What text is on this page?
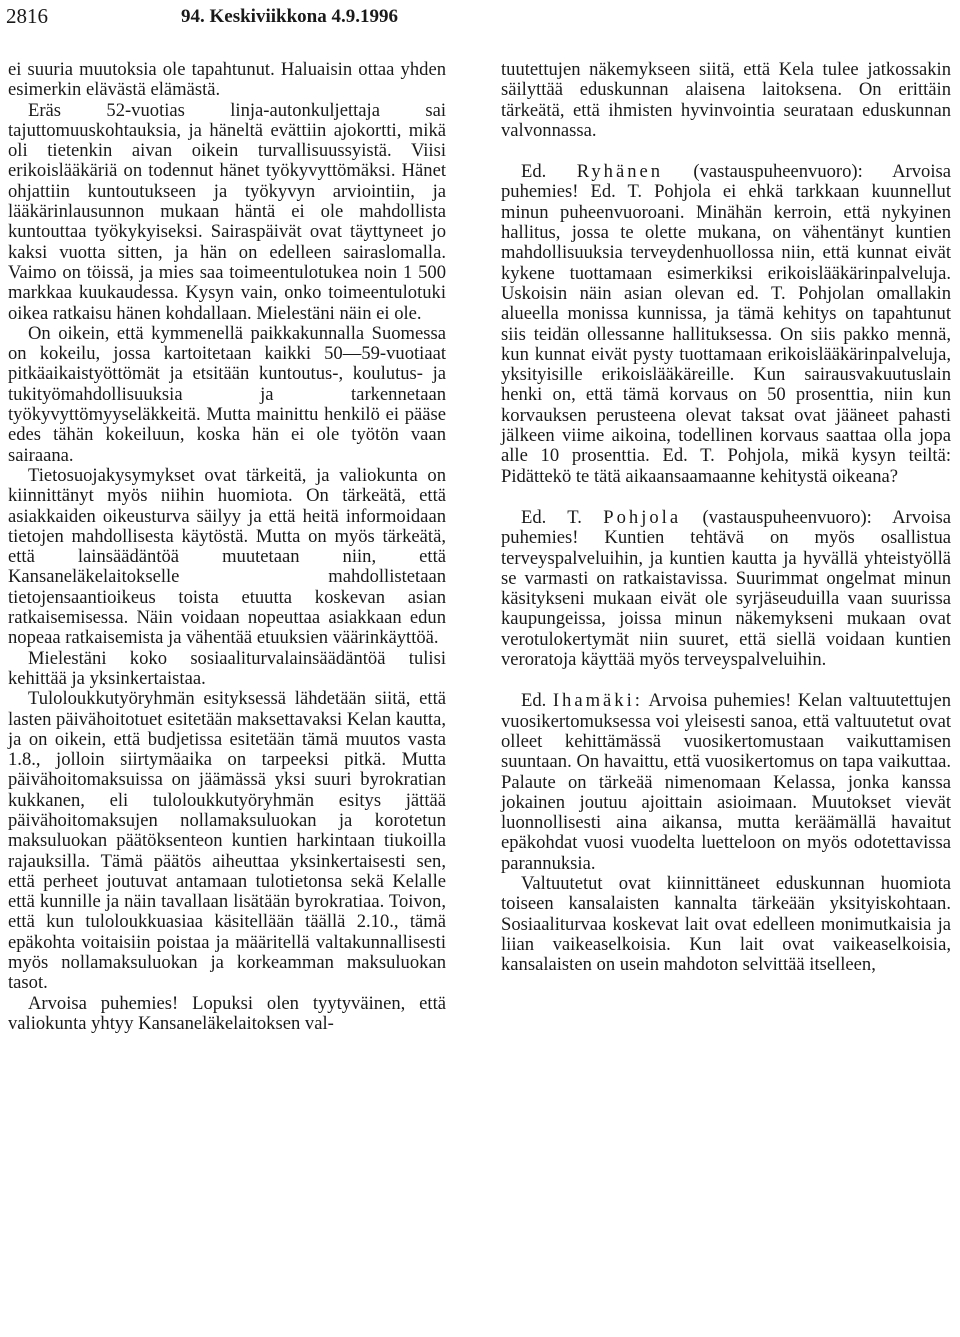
2816	94. Keskiviikkona 4.9.1996

ei suuria muutoksia ole tapahtunut. Haluaisin ottaa yhden esimerkin elävästä elämästä.

Eräs 52-vuotias linja-autonkuljettaja sai tajuttomuuskohtauksia, ja häneltä evättiin ajokortti, mikä oli tietenkin aivan oikein turvallisuussyistä. Viisi erikoislääkäriä on todennut hänet työkyvyttömäksi. Hänet ohjattiin kuntoutukseen ja työkyvyn arviointiin, ja lääkärinlausunnon mukaan häntä ei ole mahdollista kuntouttaa työkykyiseksi. Sairaspäivät ovat täyttyneet jo kaksi vuotta sitten, ja hän on edelleen sairaslomalla. Vaimo on töissä, ja mies saa toimeentulotukea noin 1 500 markkaa kuukaudessa. Kysyn vain, onko toimeentulotuki oikea ratkaisu hänen kohdallaan. Mielestäni näin ei ole.

On oikein, että kymmenellä paikkakunnalla Suomessa on kokeilu, jossa kartoitetaan kaikki 50—59-vuotiaat pitkäaikaistyöttömät ja etsitään kuntoutus-, koulutus- ja tukityömahdollisuuksia ja tarkennetaan työkyvyttömyyseläkkeitä. Mutta mainittu henkilö ei pääse edes tähän kokeiluun, koska hän ei ole työtön vaan sairaana.

Tietosuojakysymykset ovat tärkeitä, ja valiokunta on kiinnittänyt myös niihin huomiota. On tärkeätä, että asiakkaiden oikeusturva säilyy ja että heitä informoidaan tietojen mahdollisesta käytöstä. Mutta on myös tärkeätä, että lainsäädäntöä muutetaan niin, että Kansaneläkelaitokselle mahdollistetaan tietojensaantioikeus toista etuutta koskevan asian ratkaisemisessa. Näin voidaan nopeuttaa asiakkaan edun nopeaa ratkaisemista ja vähentää etuuksien väärinkäyttöä.

Mielestäni koko sosiaaliturvalainsäädäntöä tulisi kehittää ja yksinkertaistaa.

Tuloloukkutyöryhmän esityksessä lähdetään siitä, että lasten päivähoitotuet esitetään maksettavaksi Kelan kautta, ja on oikein, että budjetissa esitetään tämä muutos vasta 1.8., jolloin siirtymäaika on tarpeeksi pitkä. Mutta päivähoitomaksuissa on jäämässä yksi suuri byrokratian kukkanen, eli tuloloukkutyöryhmän esitys jättää päivähoitomaksujen nollamaksuluokan ja korotetun maksuluokan päätöksenteon kuntien harkintaan tiukoilla rajauksilla. Tämä päätös aiheuttaa yksinkertaisesti sen, että perheet joutuvat antamaan tulotietonsa sekä Kelalle että kunnille ja näin tavallaan lisätään byrokratiaa. Toivon, että kun tuloloukkuasiaa käsitellään täällä 2.10., tämä epäkohta voitaisiin poistaa ja määritellä valtakunnallisesti myös nollamaksuluokan ja korkeamman maksuluokan tasot.

Arvoisa puhemies! Lopuksi olen tyytyväinen, että valiokunta yhtyy Kansaneläkelaitoksen val-

tuutettujen näkemykseen siitä, että Kela tulee jatkossakin säilyttää eduskunnan alaisena laitoksena. On erittäin tärkeätä, että ihmisten hyvinvointia seurataan eduskunnan valvonnassa.

Ed. Ryhänen (vastauspuheenvuoro): Arvoisa puhemies! Ed. T. Pohjola ei ehkä tarkkaan kuunnellut minun puheenvuoroani. Minähän kerroin, että nykyinen hallitus, jossa te olette mukana, on vähentänyt kuntien mahdollisuuksia terveydenhuollossa niin, että kunnat eivät kykene tuottamaan esimerkiksi erikoislääkärinpalveluja. Uskoisin näin asian olevan ed. T. Pohjolan omallakin alueella monissa kunnissa, ja tämä kehitys on tapahtunut siis teidän ollessanne hallituksessa. On siis pakko mennä, kun kunnat eivät pysty tuottamaan erikoislääkärinpalveluja, yksityisille erikoislääkäreille. Kun sairausvakuutuslain henki on, että tämä korvaus on 50 prosenttia, niin kun korvauksen perusteena olevat taksat ovat jääneet pahasti jälkeen viime aikoina, todellinen korvaus saattaa olla jopa alle 10 prosenttia. Ed. T. Pohjola, mikä kysyn teiltä: Pidättekö te tätä aikaansaamaanne kehitystä oikeana?

Ed. T. Pohjola (vastauspuheenvuoro): Arvoisa puhemies! Kuntien tehtävä on myös osallistua terveyspalveluihin, ja kuntien kautta ja hyvällä yhteistyöllä se varmasti on ratkaistavissa. Suurimmat ongelmat minun käsitykseni mukaan eivät ole syrjäseuduilla vaan suurissa kaupungeissa, joissa minun näkemykseni mukaan ovat verotulokertymät niin suuret, että siellä voidaan kuntien veroratoja käyttää myös terveyspalveluihin.

Ed. Ihamäki: Arvoisa puhemies! Kelan valtuutettujen vuosikertomuksessa voi yleisesti sanoa, että valtuutetut ovat olleet kehittämässä vuosikertomustaan vaikuttamisen suuntaan. On havaittu, että vuosikertomus on tapa vaikuttaa. Palaute on tärkeää nimenomaan Kelassa, jonka kanssa jokainen joutuu ajoittain asioimaan. Muutokset vievät luonnollisesti aina aikansa, mutta keräämällä havaitut epäkohdat vuosi vuodelta luetteloon on myös odotettavissa parannuksia.

Valtuutetut ovat kiinnittäneet eduskunnan huomiota toiseen kansalaisten kannalta tärkeään yksityiskohtaan. Sosiaaliturvaa koskevat lait ovat edelleen monimutkaisia ja liian vaikeaselkoisia. Kun lait ovat vaikeaselkoisia, kansalaisten on usein mahdoton selvittää itselleen,
